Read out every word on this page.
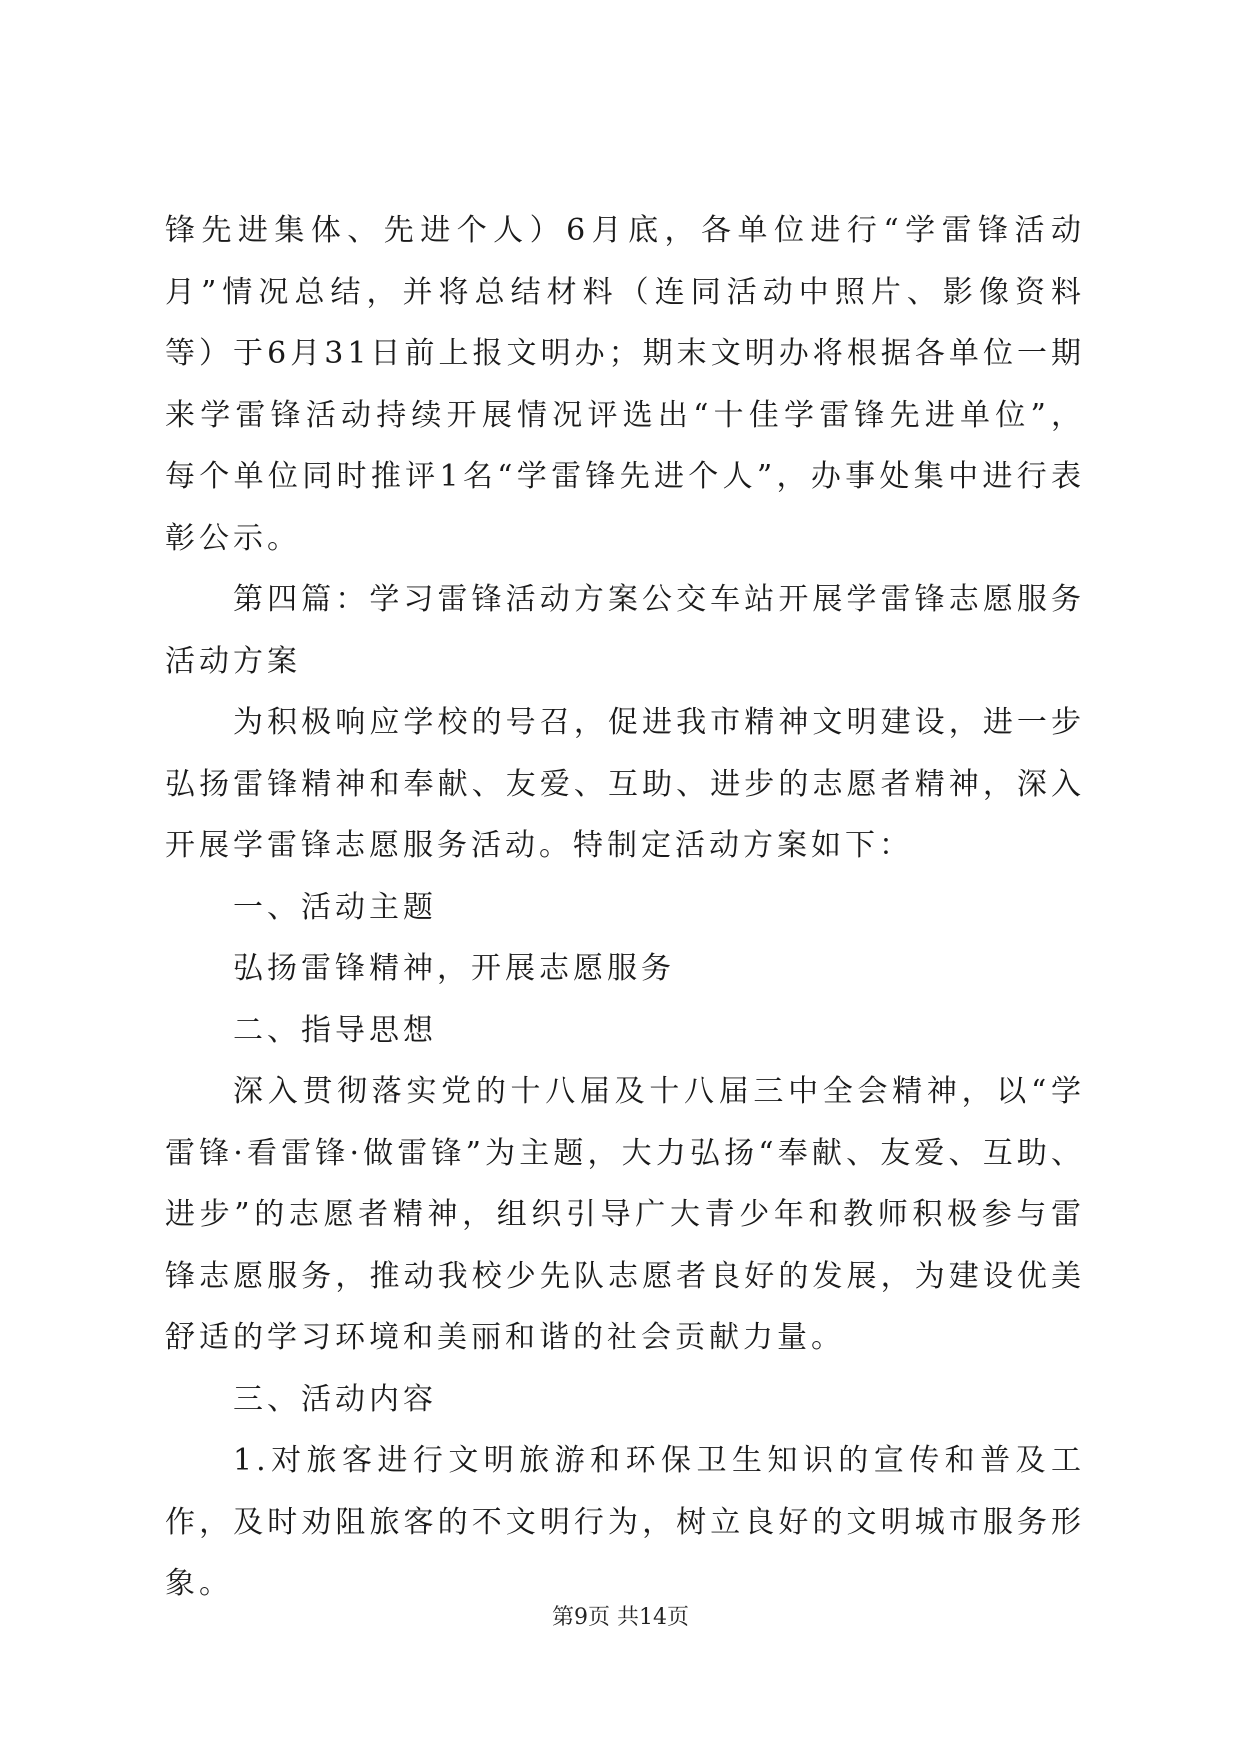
锋先进集体、先进个人）6月底，各单位进行“学雷锋活动月”情况总结，并将总结材料（连同活动中照片、影像资料等）于6月31日前上报文明办；期末文明办将根据各单位一期来学雷锋活动持续开展情况评选出“十佳学雷锋先进单位”，每个单位同时推评1名“学雷锋先进个人”，办事处集中进行表彰公示。

第四篇：学习雷锋活动方案公交车站开展学雷锋志愿服务活动方案

为积极响应学校的号召，促进我市精神文明建设，进一步弘扬雷锋精神和奉献、友爱、互助、进步的志愿者精神，深入开展学雷锋志愿服务活动。特制定活动方案如下：

一、活动主题

弘扬雷锋精神，开展志愿服务

二、指导思想

深入贯彻落实党的十八届及十八届三中全会精神，以“学雷锋·看雷锋·做雷锋”为主题，大力弘扬“奉献、友爱、互助、进步”的志愿者精神，组织引导广大青少年和教师积极参与雷锋志愿服务，推动我校少先队志愿者良好的发展，为建设优美舒适的学习环境和美丽和谐的社会贡献力量。

三、活动内容

1.对旅客进行文明旅游和环保卫生知识的宣传和普及工作，及时劝阻旅客的不文明行为，树立良好的文明城市服务形象。

第9页 共14页
